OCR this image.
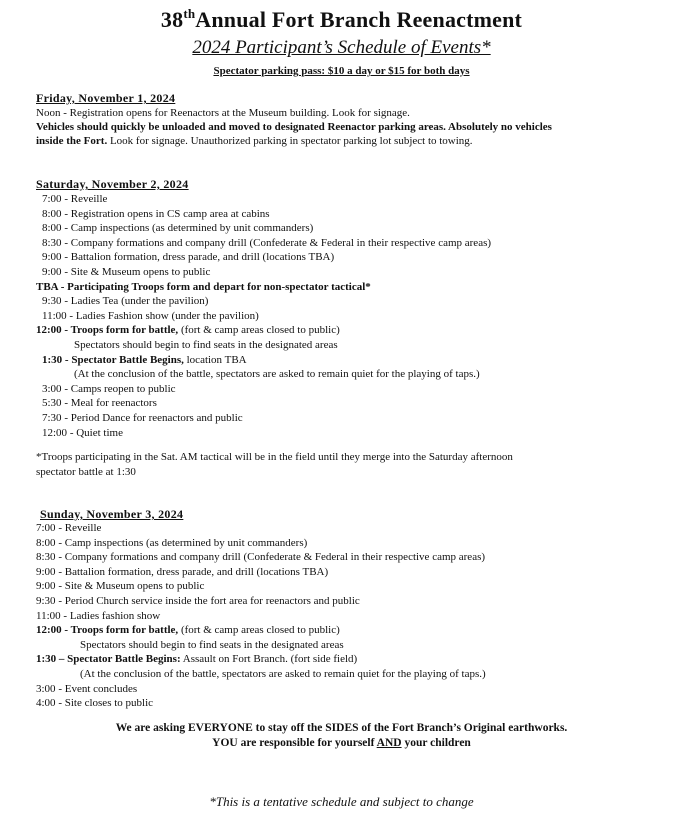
38thAnnual Fort Branch Reenactment
2024 Participant’s Schedule of Events*
Spectator parking pass: $10 a day or $15 for both days
Friday, November 1, 2024
Noon - Registration opens for Reenactors at the Museum building. Look for signage.
Vehicles should quickly be unloaded and moved to designated Reenactor parking areas. Absolutely no vehicles
inside the Fort. Look for signage. Unauthorized parking in spectator parking lot subject to towing.
Saturday, November 2, 2024
7:00 - Reveille
8:00 - Registration opens in CS camp area at cabins
8:00 - Camp inspections (as determined by unit commanders)
8:30 - Company formations and company drill (Confederate & Federal in their respective camp areas)
9:00 - Battalion formation, dress parade, and drill (locations TBA)
9:00 - Site & Museum opens to public
TBA - Participating Troops form and depart for non-spectator tactical*
9:30 - Ladies Tea (under the pavilion)
11:00 - Ladies Fashion show (under the pavilion)
12:00 - Troops form for battle, (fort & camp areas closed to public)
Spectators should begin to find seats in the designated areas
1:30 - Spectator Battle Begins, location TBA
(At the conclusion of the battle, spectators are asked to remain quiet for the playing of taps.)
3:00 - Camps reopen to public
5:30 - Meal for reenactors
7:30 - Period Dance for reenactors and public
12:00 - Quiet time
*Troops participating in the Sat. AM tactical will be in the field until they merge into the Saturday afternoon
spectator battle at 1:30
Sunday, November 3, 2024
7:00 - Reveille
8:00 - Camp inspections (as determined by unit commanders)
8:30 - Company formations and company drill (Confederate & Federal in their respective camp areas)
9:00 - Battalion formation, dress parade, and drill (locations TBA)
9:00 - Site & Museum opens to public
9:30 - Period Church service inside the fort area for reenactors and public
11:00 - Ladies fashion show
12:00 - Troops form for battle, (fort & camp areas closed to public)
Spectators should begin to find seats in the designated areas
1:30 – Spectator Battle Begins: Assault on Fort Branch. (fort side field)
(At the conclusion of the battle, spectators are asked to remain quiet for the playing of taps.)
3:00 - Event concludes
4:00 - Site closes to public
We are asking EVERYONE to stay off the SIDES of the Fort Branch’s Original earthworks.
YOU are responsible for yourself AND your children
*This is a tentative schedule and subject to change
